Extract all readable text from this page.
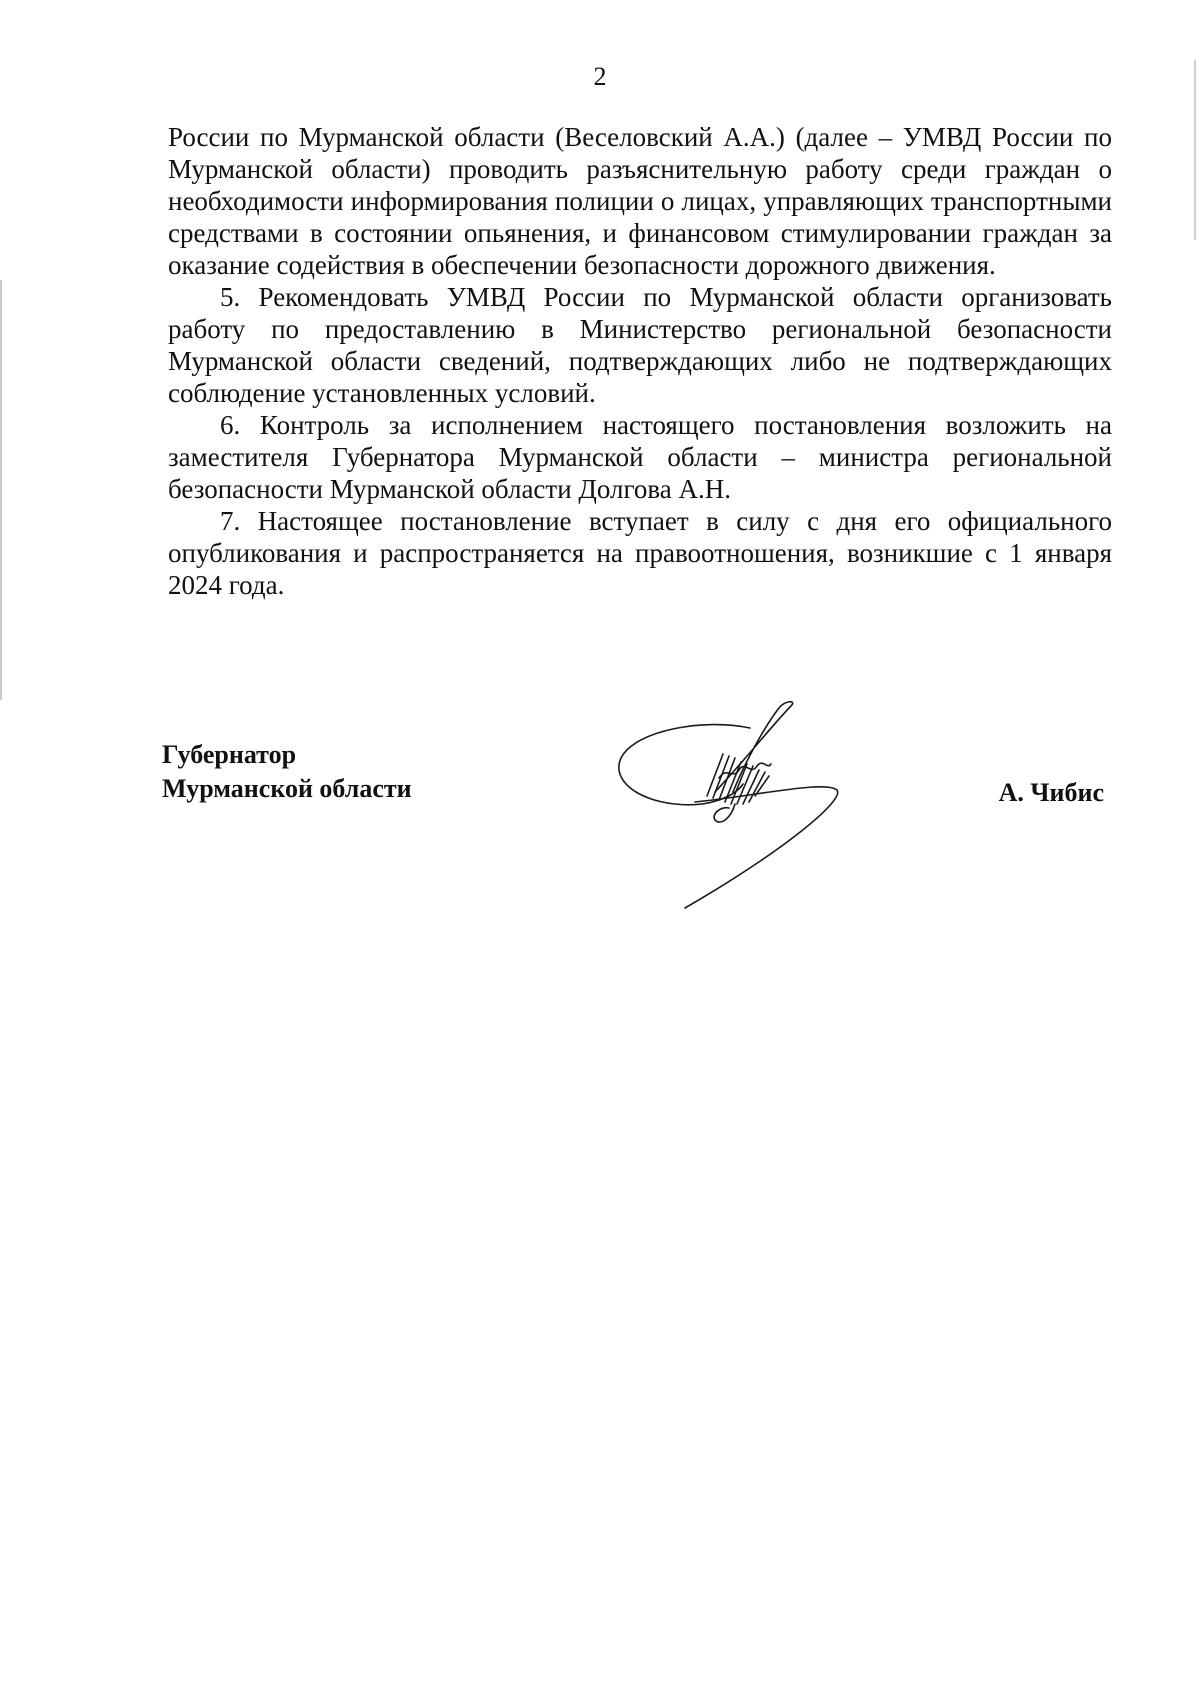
2

России по Мурманской области (Веселовский А.А.) (далее – УМВД России по Мурманской области) проводить разъяснительную работу среди граждан о необходимости информирования полиции о лицах, управляющих транспортными средствами в состоянии опьянения, и финансовом стимулировании граждан за оказание содействия в обеспечении безопасности дорожного движения.

5. Рекомендовать УМВД России по Мурманской области организовать работу по предоставлению в Министерство региональной безопасности Мурманской области сведений, подтверждающих либо не подтверждающих соблюдение установленных условий.

6. Контроль за исполнением настоящего постановления возложить на заместителя Губернатора Мурманской области – министра региональной безопасности Мурманской области Долгова А.Н.

7. Настоящее постановление вступает в силу с дня его официального опубликования и распространяется на правоотношения, возникшие с 1 января 2024 года.

Губернатор
Мурманской области	А. Чибис
